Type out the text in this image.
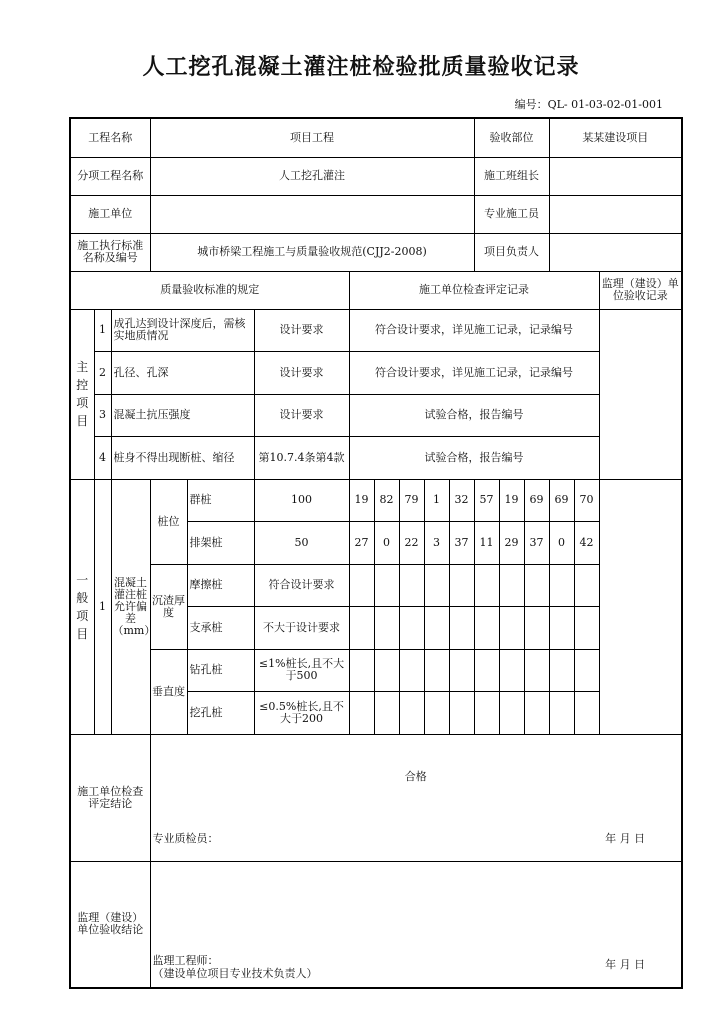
人工挖孔混凝土灌注桩检验批质量验收记录
编号：QL- 01-03-02-01-001
工程名称			项目工程								验收部位			某某建设项目		
分项工程名称			人工挖孔灌注								施工班组长					
施工单位											专业施工员					
施工执行标准名称及编号			城市桥梁工程施工与质量验收规范(CJJ2-2008)								项目负责人					
质量验收标准的规定						施工单位检查评定记录										监理（建设）单位验收记录
主控项目	1	成孔达到设计深度后，需核实地质情况			设计要求	符合设计要求，详见施工记录，记录编号										
	2	孔径、孔深			设计要求	符合设计要求，详见施工记录，记录编号										
	3	混凝土抗压强度			设计要求	试验合格，报告编号										
	4	桩身不得出现断桩、缩径			第10.7.4条第4款	试验合格，报告编号										
一般项目	1	混凝土灌注桩允许偏差（mm）	桩位	群桩	100	19	82	79	1	32	57	19	69	69	70	
				排架桩	50	27	0	22	3	37	11	29	37	0	42	
			沉渣厚度	摩擦桩	符合设计要求											
				支承桩	不大于设计要求											
			垂直度	钻孔桩	≤1%桩长,且不大于500											
				挖孔桩	≤0.5%桩长,且不大于200											
施工单位检查评定结论			合格
专业质检员： 年 月 日													

监理（建设）单位验收结论			监理工程师：
（建设单位项目专业技术负责人）
年 月 日													
